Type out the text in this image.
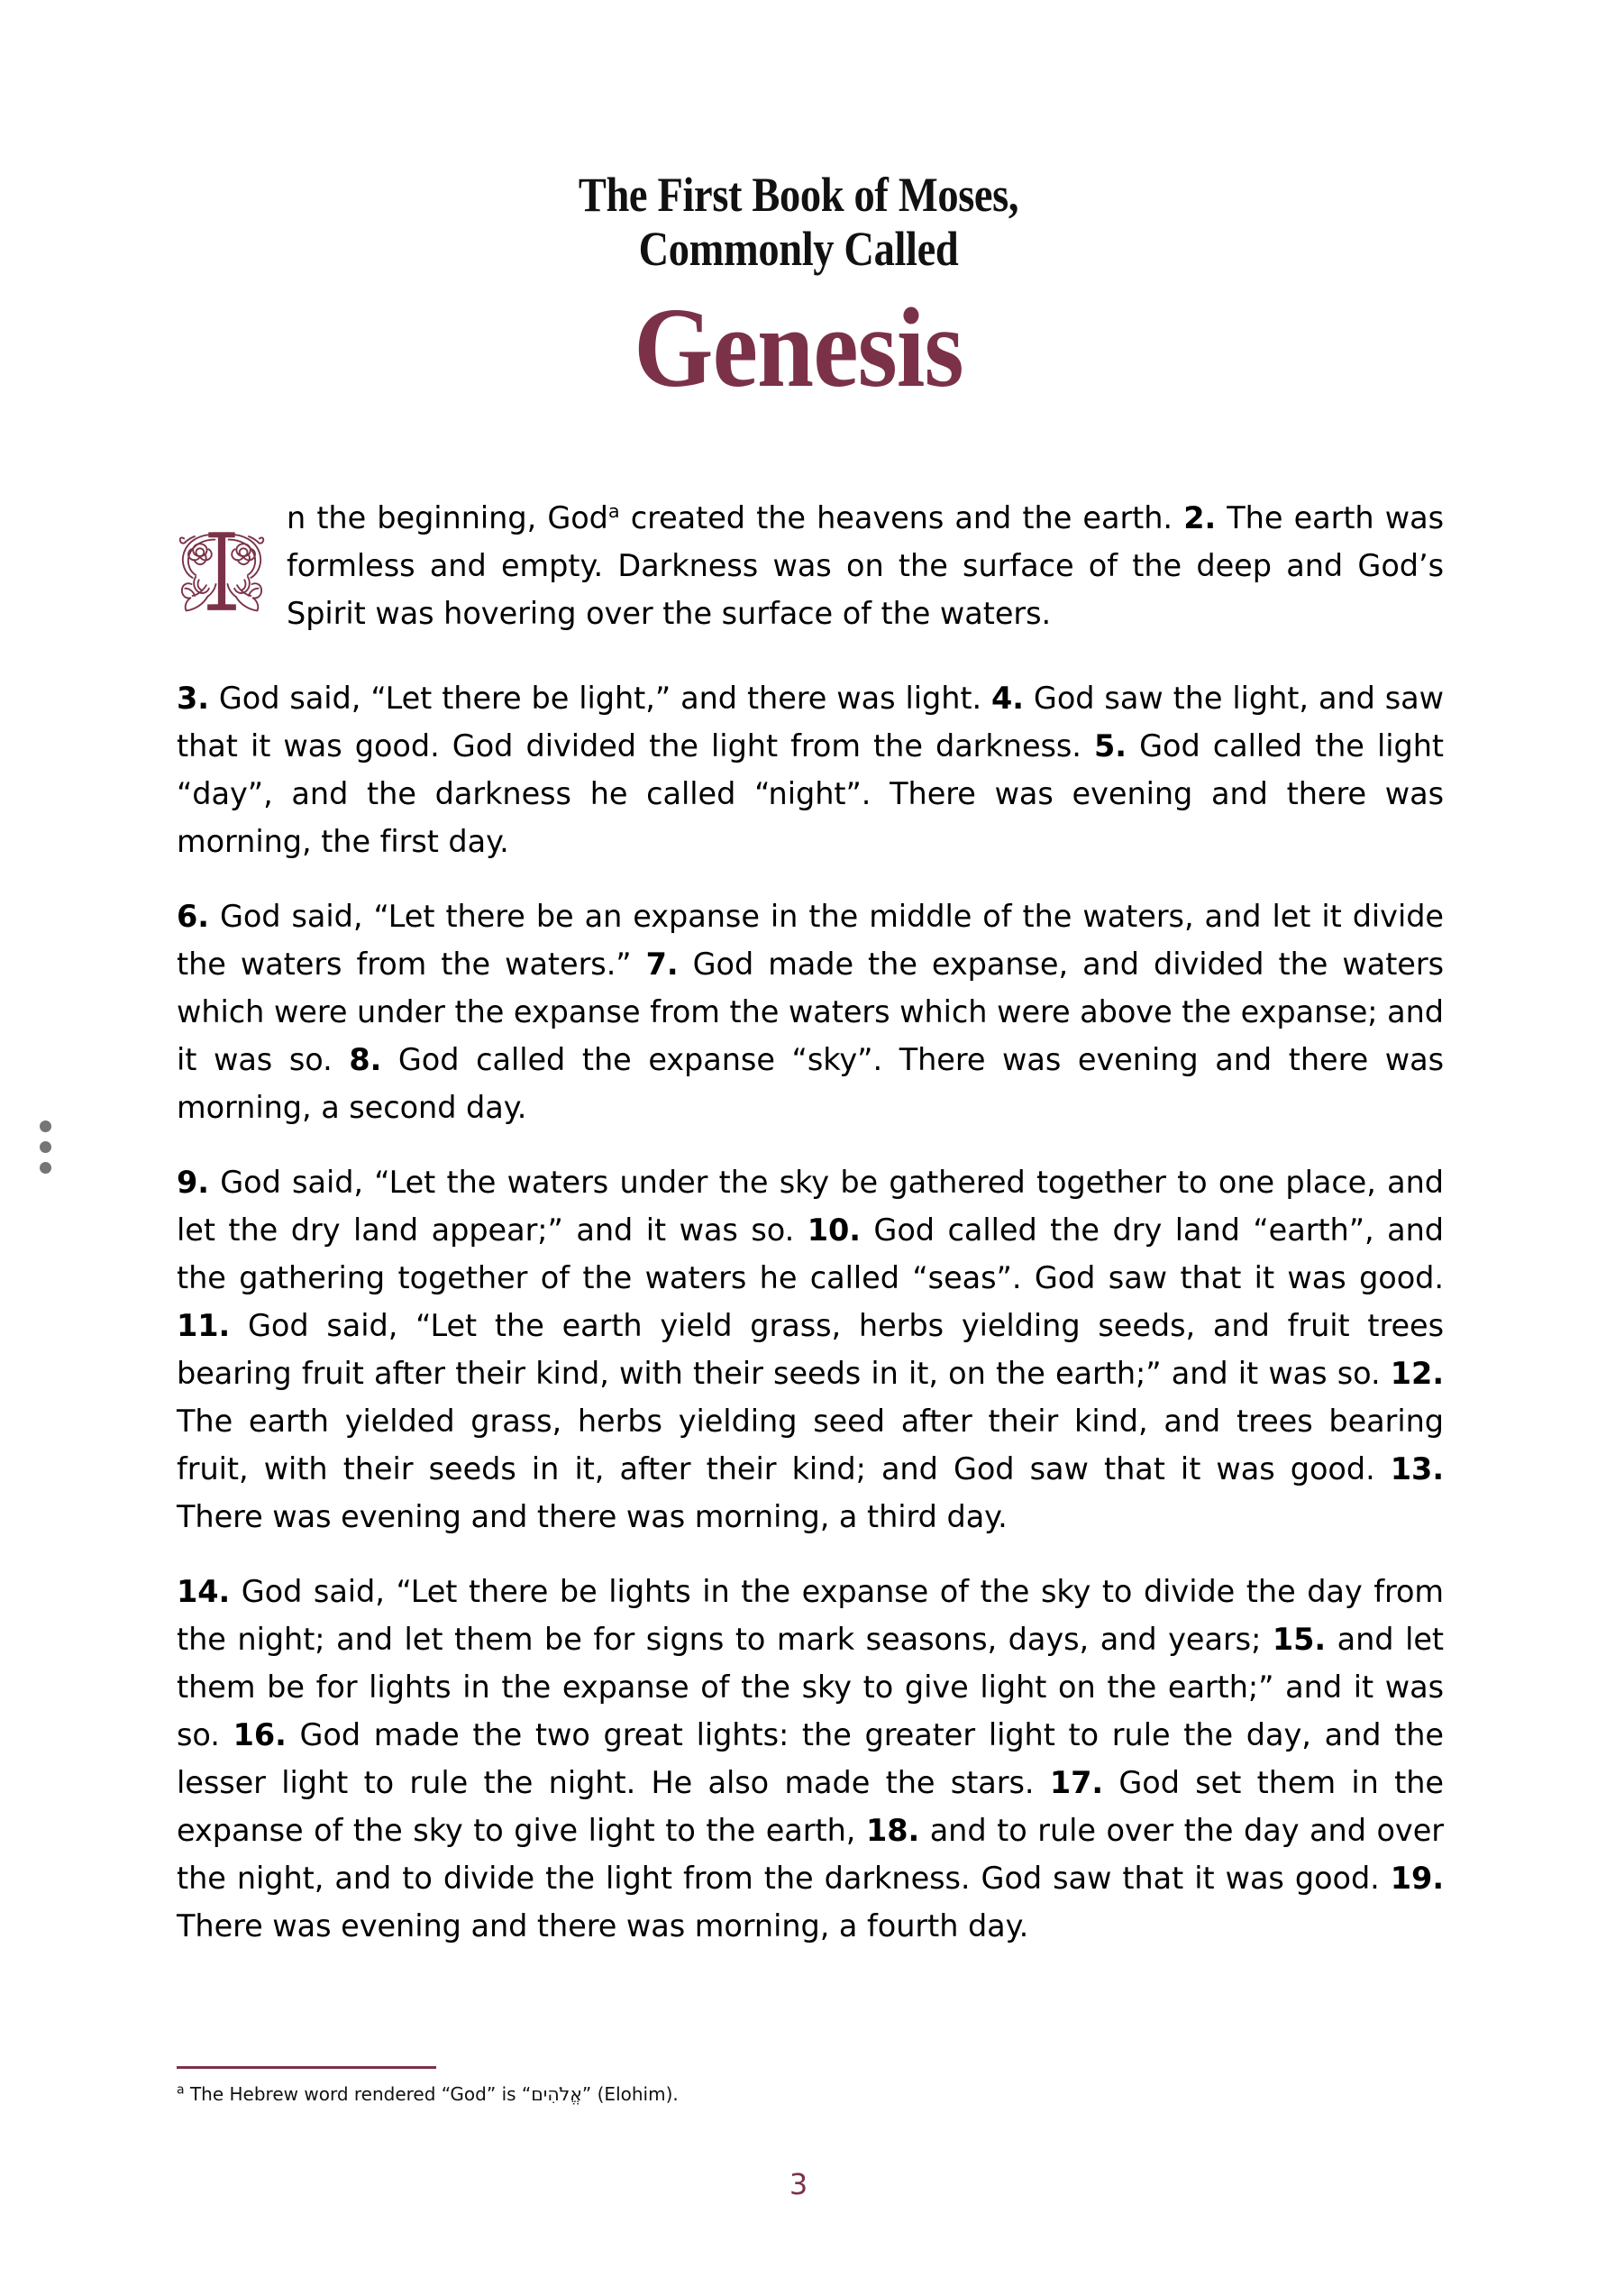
The First Book of Moses,
Commonly Called
Genesis

n the beginning, God$^a$ created the heavens and the earth. 2. The earth was formless and empty. Darkness was on the surface of the deep and God’s Spirit was hovering over the surface of the waters.

3. God said, “Let there be light,” and there was light. 4. God saw the light, and saw that it was good. God divided the light from the darkness. 5. God called the light “day”, and the darkness he called “night”. There was evening and there was morning, the first day.

6. God said, “Let there be an expanse in the middle of the waters, and let it divide the waters from the waters.” 7. God made the expanse, and divided the waters which were under the expanse from the waters which were above the expanse; and it was so. 8. God called the expanse “sky”. There was evening and there was morning, a second day.

9. God said, “Let the waters under the sky be gathered together to one place, and let the dry land appear;” and it was so. 10. God called the dry land “earth”, and the gathering together of the waters he called “seas”. God saw that it was good. 11. God said, “Let the earth yield grass, herbs yielding seeds, and fruit trees bearing fruit after their kind, with their seeds in it, on the earth;” and it was so. 12. The earth yielded grass, herbs yielding seed after their kind, and trees bearing fruit, with their seeds in it, after their kind; and God saw that it was good. 13. There was evening and there was morning, a third day.

14. God said, “Let there be lights in the expanse of the sky to divide the day from the night; and let them be for signs to mark seasons, days, and years; 15. and let them be for lights in the expanse of the sky to give light on the earth;” and it was so. 16. God made the two great lights: the greater light to rule the day, and the lesser light to rule the night. He also made the stars. 17. God set them in the expanse of the sky to give light to the earth, 18. and to rule over the day and over the night, and to divide the light from the darkness. God saw that it was good. 19. There was evening and there was morning, a fourth day.

$^a$ The Hebrew word rendered “God” is “אֱלֹהִים” (Elohim).
3
